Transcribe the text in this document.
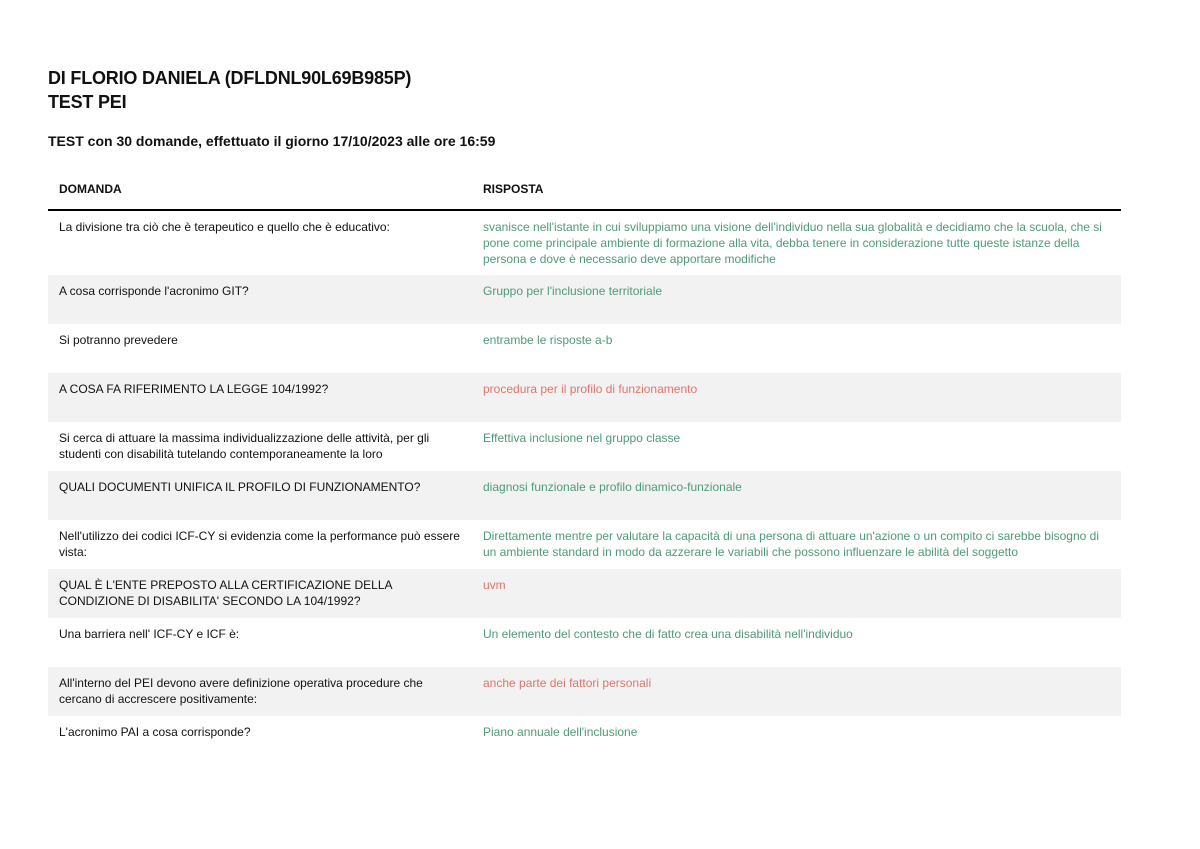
DI FLORIO DANIELA (DFLDNL90L69B985P)
TEST PEI
TEST con 30 domande, effettuato il giorno 17/10/2023 alle ore 16:59
DOMANDA	RISPOSTA

La divisione tra ciò che è terapeutico e quello che è educativo:	svanisce nell'istante in cui sviluppiamo una visione dell'individuo nella sua globalità e decidiamo che la scuola, che si pone come principale ambiente di formazione alla vita, debba tenere in considerazione tutte queste istanze della persona e dove è necessario deve apportare modifiche

A cosa corrisponde l'acronimo GIT?	Gruppo per l'inclusione territoriale

Si potranno prevedere	entrambe le risposte a-b

A COSA FA RIFERIMENTO LA LEGGE 104/1992?	procedura per il profilo di funzionamento

Si cerca di attuare la massima individualizzazione delle attività, per gli studenti con disabilità tutelando contemporaneamente la loro	Effettiva inclusione nel gruppo classe

QUALI DOCUMENTI UNIFICA IL PROFILO DI FUNZIONAMENTO?	diagnosi funzionale e profilo dinamico-funzionale

Nell'utilizzo dei codici ICF-CY si evidenzia come la performance può essere vista:	Direttamente mentre per valutare la capacità di una persona di attuare un'azione o un compito ci sarebbe bisogno di un ambiente standard in modo da azzerare le variabili che possono influenzare le abilità del soggetto

QUAL È L'ENTE PREPOSTO ALLA CERTIFICAZIONE DELLA CONDIZIONE DI DISABILITA' SECONDO LA 104/1992?	uvm

Una barriera nell' ICF-CY e ICF è:	Un elemento del contesto che di fatto crea una disabilità nell'individuo

All'interno del PEI devono avere definizione operativa procedure che cercano di accrescere positivamente:	anche parte dei fattori personali

L'acronimo PAI a cosa corrisponde?	Piano annuale dell'inclusione
